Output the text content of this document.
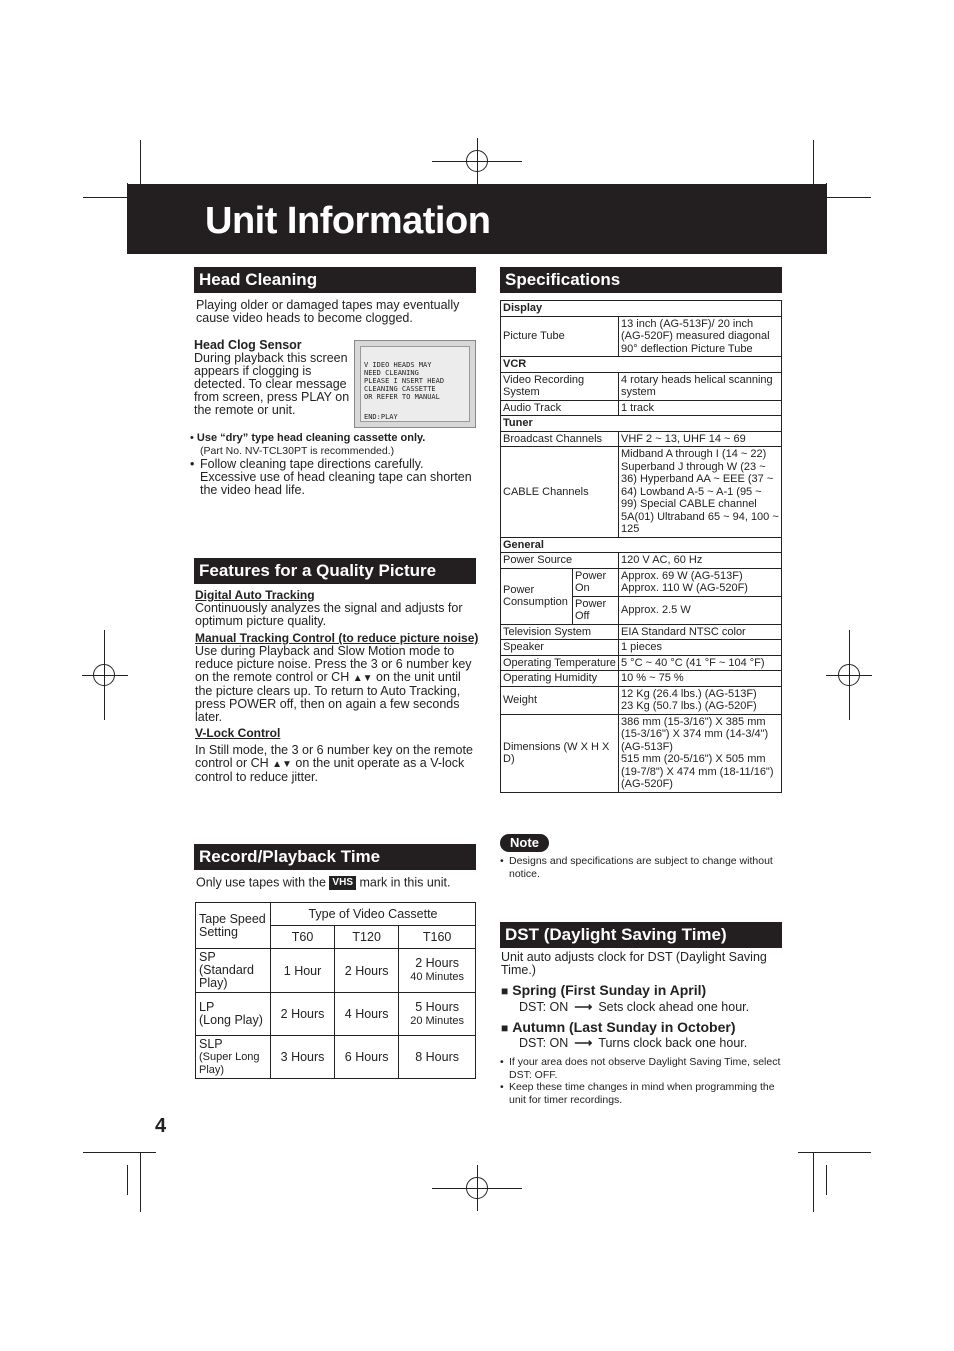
Unit Information
Head Cleaning
Playing older or damaged tapes may eventually cause video heads to become clogged.
Head Clog Sensor
During playback this screen appears if clogging is detected. To clear message from screen, press PLAY on the remote or unit.
V IDEO HEADS MAY
NEED CLEANING
PLEASE I NSERT HEAD
CLEANING CASSETTE
OR REFER TO MANUAL
END:PLAY
• Use “dry” type head cleaning cassette only.
(Part No. NV-TCL30PT is recommended.)
• Follow cleaning tape directions carefully. Excessive use of head cleaning tape can shorten the video head life.
Features for a Quality Picture
Digital Auto Tracking
Continuously analyzes the signal and adjusts for optimum picture quality.
Manual Tracking Control (to reduce picture noise)
Use during Playback and Slow Motion mode to reduce picture noise. Press the 3 or 6 number key on the remote control or CH ▲▼ on the unit until the picture clears up. To return to Auto Tracking, press POWER off, then on again a few seconds later.
V-Lock Control
In Still mode, the 3 or 6 number key on the remote control or CH ▲▼ on the unit operate as a V-lock control to reduce jitter.
Record/Playback Time
Only use tapes with the VHS mark in this unit.
Tape Speed Setting	Type of Video Cassette		
	T60	T120	T160
SP
(Standard Play)	1 Hour	2 Hours	2 Hours
40 Minutes
LP
(Long Play)	2 Hours	4 Hours	5 Hours
20 Minutes
SLP
(Super Long Play)	3 Hours	6 Hours	8 Hours
Specifications
Display		
Picture Tube		13 inch (AG-513F)/ 20 inch (AG-520F) measured diagonal 90° deflection Picture Tube
VCR		
Video Recording System		4 rotary heads helical scanning system
Audio Track		1 track
Tuner		
Broadcast Channels		VHF 2 ~ 13, UHF 14 ~ 69
CABLE Channels		Midband A through I (14 ~ 22) Superband J through W (23 ~ 36) Hyperband AA ~ EEE (37 ~ 64) Lowband A-5 ~ A-1 (95 ~ 99) Special CABLE channel 5A(01) Ultraband 65 ~ 94, 100 ~ 125
General		
Power Source		120 V AC, 60 Hz
Power Consumption	Power On	Approx. 69 W (AG-513F) Approx. 110 W (AG-520F)
	Power Off	Approx. 2.5 W
Television System		EIA Standard NTSC color
Speaker		1 pieces
Operating Temperature		5 °C ~ 40 °C (41 °F ~ 104 °F)
Operating Humidity		10 % ~ 75 %
Weight		12 Kg (26.4 lbs.) (AG-513F)
23 Kg (50.7 lbs.) (AG-520F)
Dimensions (W X H X D)		386 mm (15-3/16") X 385 mm (15-3/16") X 374 mm (14-3/4") (AG-513F)
515 mm (20-5/16") X 505 mm (19-7/8") X 474 mm (18-11/16") (AG-520F)
Note
• Designs and specifications are subject to change without notice.
DST (Daylight Saving Time)
Unit auto adjusts clock for DST (Daylight Saving Time.)
■ Spring (First Sunday in April)
DST: ON ⟶ Sets clock ahead one hour.
■ Autumn (Last Sunday in October)
DST: ON ⟶ Turns clock back one hour.
• If your area does not observe Daylight Saving Time, select DST: OFF.
• Keep these time changes in mind when programming the unit for timer recordings.
4
